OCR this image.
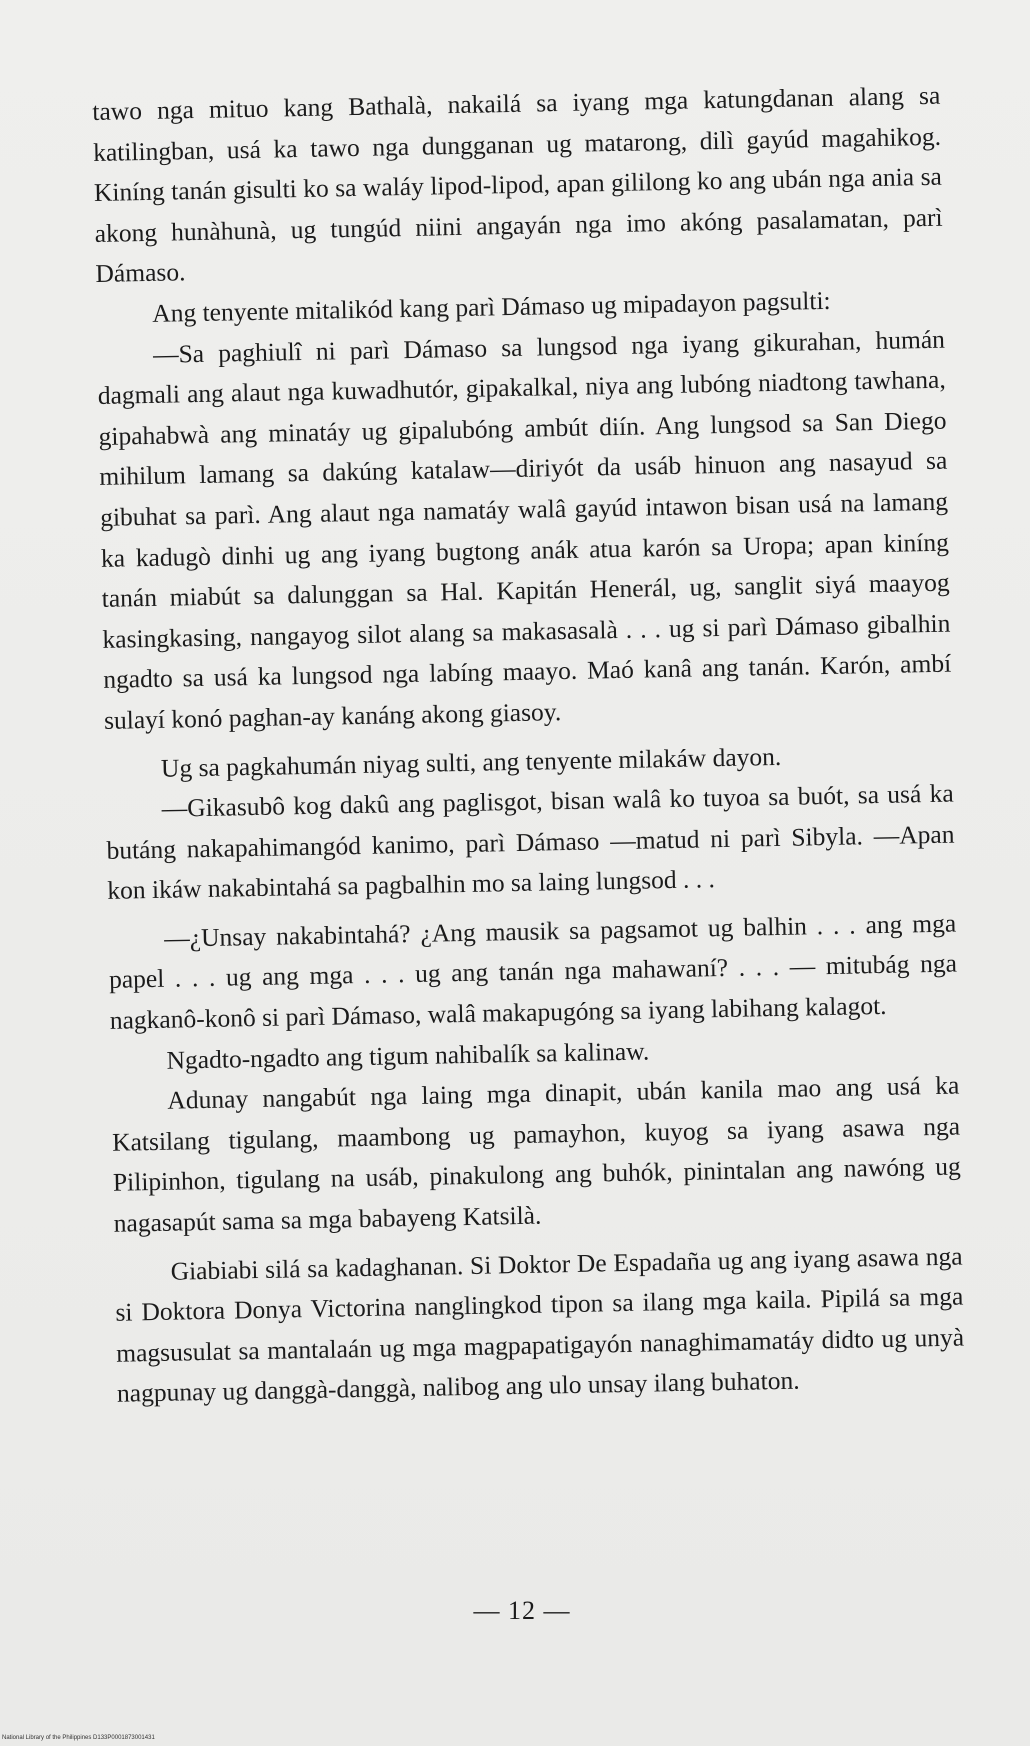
tawo nga mituo kang Bathalà, nakailá sa iyang mga katungdanan alang sa katilingban, usá ka tawo nga dungganan ug matarong, dilì gayúd magahikog. Kiníng tanán gisulti ko sa waláy lipod-lipod, apan gililong ko ang ubán nga ania sa akong hunàhunà, ug tungúd niini angayán nga imo akóng pasalamatan, parì Dámaso.

Ang tenyente mitalikód kang parì Dámaso ug mipadayon pagsulti:

—Sa paghiulî ni parì Dámaso sa lungsod nga iyang gikurahan, humán dagmali ang alaut nga kuwadhutór, gipakalkal, niya ang lubóng niadtong tawhana, gipahabwà ang minatáy ug gipalubóng ambút diín. Ang lungsod sa San Diego mihilum lamang sa dakúng katalaw—diriyót da usáb hinuon ang nasayud sa gibuhat sa parì. Ang alaut nga namatáy walâ gayúd intawon bisan usá na lamang ka kadugò dinhi ug ang iyang bugtong anák atua karón sa Uropa; apan kiníng tanán miabút sa dalunggan sa Hal. Kapitán Henerál, ug, sanglit siyá maayog kasingkasing, nangayog silot alang sa makasasalà . . . ug si parì Dámaso gibalhin ngadto sa usá ka lungsod nga labíng maayo. Maó kanâ ang tanán. Karón, ambí sulayí konó paghan-ay kanáng akong giasoy.

Ug sa pagkahumán niyag sulti, ang tenyente milakáw dayon.

—Gikasubô kog dakû ang paglisgot, bisan walâ ko tuyoa sa buót, sa usá ka butáng nakapahimangód kanimo, parì Dámaso —matud ni parì Sibyla. —Apan kon ikáw nakabintahá sa pagbalhin mo sa laing lungsod . . .

—¿Unsay nakabintahá? ¿Ang mausik sa pagsamot ug balhin . . . ang mga papel . . . ug ang mga . . . ug ang tanán nga mahawaní? . . . — mitubág nga nagkanô-konô si parì Dámaso, walâ makapugóng sa iyang labihang kalagot.

Ngadto-ngadto ang tigum nahibalík sa kalinaw.

Adunay nangabút nga laing mga dinapit, ubán kanila mao ang usá ka Katsilang tigulang, maambong ug pamayhon, kuyog sa iyang asawa nga Pilipinhon, tigulang na usáb, pinakulong ang buhók, pinintalan ang nawóng ug nagasapút sama sa mga babayeng Katsilà.

Giabiabi silá sa kadaghanan. Si Doktor De Espadaña ug ang iyang asawa nga si Doktora Donya Victorina nanglingkod tipon sa ilang mga kaila. Pipilá sa mga magsusulat sa mantalaán ug mga magpapatigayón nanaghimamatáy didto ug unyà nagpunay ug danggà-danggà, nalibog ang ulo unsay ilang buhaton.

— 12 —
National Library of the Philippines D133P0001873001431
